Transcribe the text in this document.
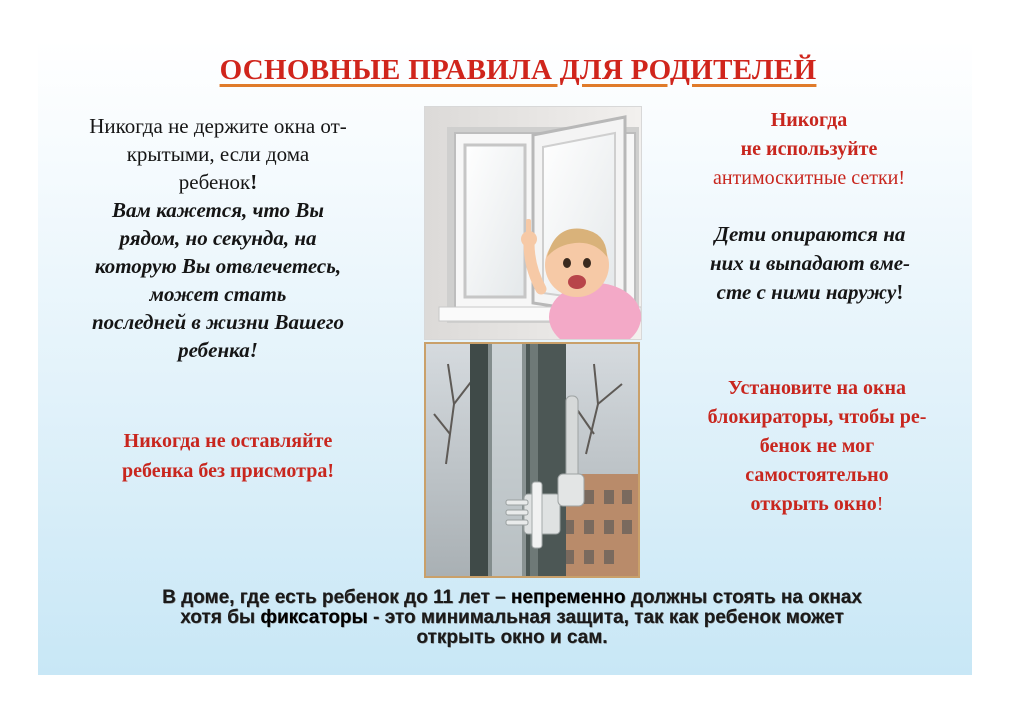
ОСНОВНЫЕ ПРАВИЛА ДЛЯ РОДИТЕЛЕЙ
Никогда не держите окна от-
крытыми, если дома
ребенок!
Вам кажется, что Вы
рядом, но секунда, на
которую Вы отвлечетесь,
может стать
последней в жизни Вашего
ребенка!
Никогда не оставляйте
ребенка без присмотра!
Никогда
не используйте
антимоскитные сетки!
Дети опираются на
них и выпадают вме-
сте с ними наружу!
Установите на окна
блокираторы, чтобы ре-
бенок не мог
самостоятельно
открыть окно!
В доме, где есть ребенок до 11 лет – непременно должны стоять на окнах
хотя бы фиксаторы - это минимальная защита, так как ребенок может
открыть окно и сам.
